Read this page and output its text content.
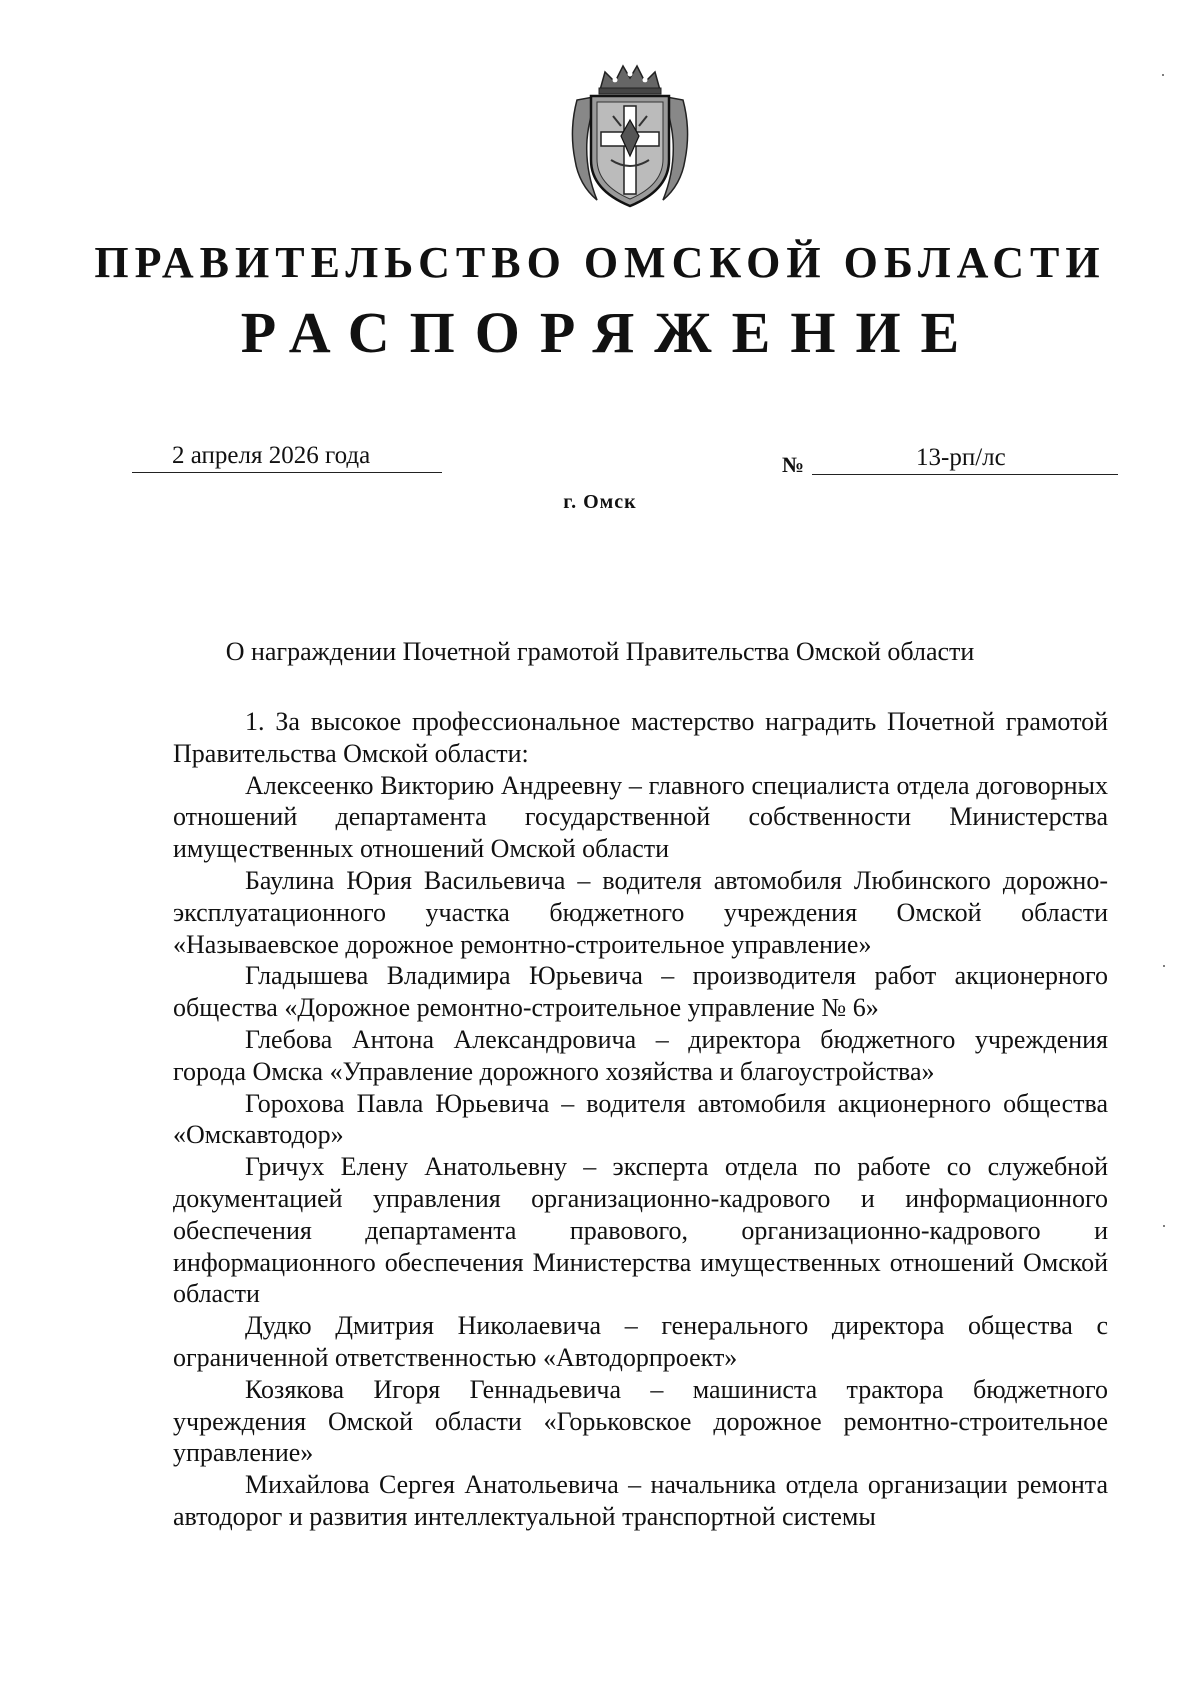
ПРАВИТЕЛЬСТВО ОМСКОЙ ОБЛАСТИ
РАСПОРЯЖЕНИЕ
2 апреля 2026 года	№	13-рп/лс
г. Омск
О награждении Почетной грамотой Правительства Омской области

1. За высокое профессиональное мастерство наградить Почетной грамотой Правительства Омской области:

Алексеенко Викторию Андреевну – главного специалиста отдела договорных отношений департамента государственной собственности Министерства имущественных отношений Омской области

Баулина Юрия Васильевича – водителя автомобиля Любинского дорожно-эксплуатационного участка бюджетного учреждения Омской области «Называевское дорожное ремонтно-строительное управление»

Гладышева Владимира Юрьевича – производителя работ акционерного общества «Дорожное ремонтно-строительное управление № 6»

Глебова Антона Александровича – директора бюджетного учреждения города Омска «Управление дорожного хозяйства и благоустройства»

Горохова Павла Юрьевича – водителя автомобиля акционерного общества «Омскавтодор»

Гричух Елену Анатольевну – эксперта отдела по работе со служебной документацией управления организационно-кадрового и информационного обеспечения департамента правового, организационно-кадрового и информационного обеспечения Министерства имущественных отношений Омской области

Дудко Дмитрия Николаевича – генерального директора общества с ограниченной ответственностью «Автодорпроект»

Козякова Игоря Геннадьевича – машиниста трактора бюджетного учреждения Омской области «Горьковское дорожное ремонтно-строительное управление»

Михайлова Сергея Анатольевича – начальника отдела организации ремонта автодорог и развития интеллектуальной транспортной системы
